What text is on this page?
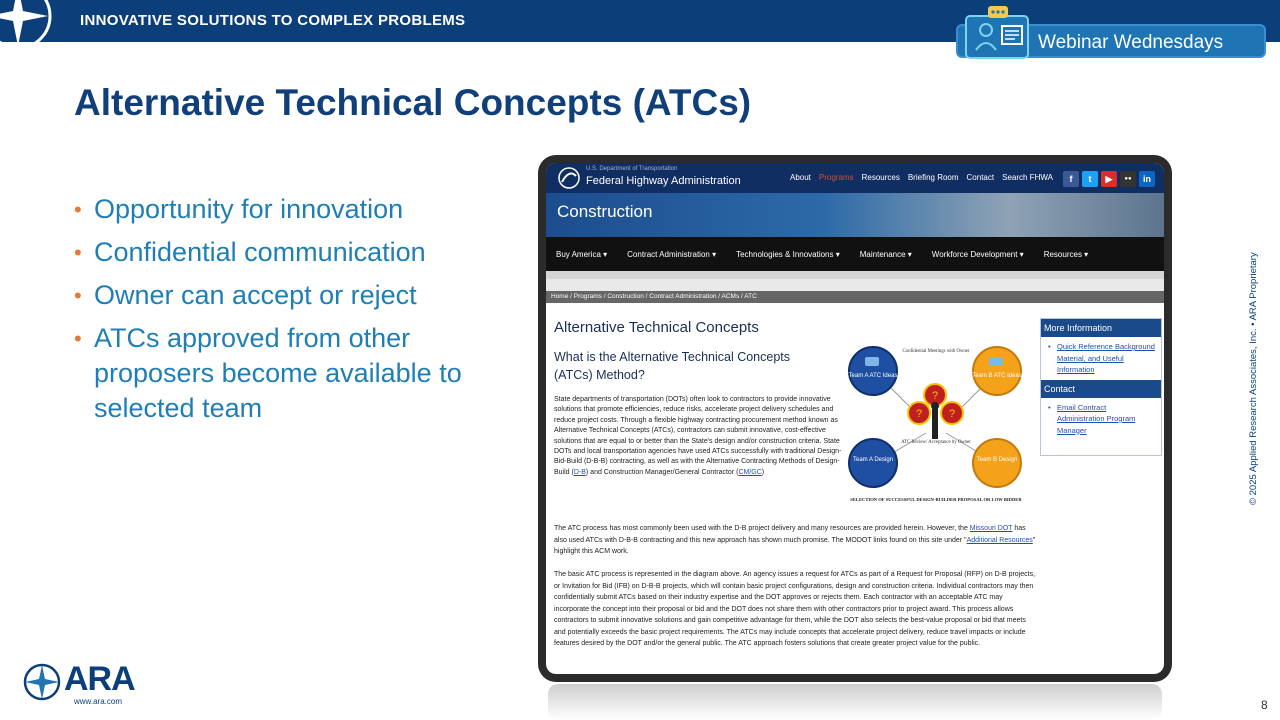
INNOVATIVE SOLUTIONS TO COMPLEX PROBLEMS
Webinar Wednesdays
Alternative Technical Concepts (ATCs)
• Opportunity for innovation
• Confidential communication
• Owner can accept or reject
• ATCs approved from other proposers become available to selected team
U.S. Department of Transportation
Federal Highway Administration	About Programs Resources Briefing Room Contact Search FHWA	f	t	▶	●●	in
Construction
Buy America ▾	Contract Administration ▾	Technologies & Innovations ▾	Maintenance ▾	Workforce Development ▾	Resources ▾
Home / Programs / Construction / Contract Administration / ACMs / ATC
Alternative Technical Concepts
What is the Alternative Technical Concepts (ATCs) Method?
State departments of transportation (DOTs) often look to contractors to provide innovative solutions that promote efficiencies, reduce risks, accelerate project delivery schedules and reduce project costs. Through a flexible highway contracting procurement method known as Alternative Technical Concepts (ATCs), contractors can submit innovative, cost-effective solutions that are equal to or better than the State's design and/or construction criteria. State DOTs and local transportation agencies have used ATCs successfully with traditional Design-Bid-Build (D-B-B) contracting, as well as with the Alternative Contracting Methods of Design-Build (D-B) and Construction Manager/General Contractor (CM/GC)
Team A ATC Ideas	Team B ATC Ideas
Team A Design	Team B Design
?
?
?
Confidential Meetings with Owner
ATC Review/ Acceptance by Owner
SELECTION OF SUCCESSFUL DESIGN-BUILDER PROPOSAL OR LOW BIDDER
More Information
• Quick Reference Background Material, and Useful Information
Contact
• Email Contract Administration Program Manager
The ATC process has most commonly been used with the D-B project delivery and many resources are provided herein. However, the Missouri DOT has also used ATCs with D-B-B contracting and this new approach has shown much promise. The MODOT links found on this site under "Additional Resources" highlight this ACM work.
The basic ATC process is represented in the diagram above. An agency issues a request for ATCs as part of a Request for Proposal (RFP) on D-B projects, or Invitation for Bid (IFB) on D-B-B projects, which will contain basic project configurations, design and construction criteria. Individual contractors may then confidentially submit ATCs based on their industry expertise and the DOT approves or rejects them. Each contractor with an acceptable ATC may incorporate the concept into their proposal or bid and the DOT does not share them with other contractors prior to project award. This process allows contractors to submit innovative solutions and gain competitive advantage for them, while the DOT also selects the best-value proposal or bid that meets and potentially exceeds the basic project requirements. The ATCs may include concepts that accelerate project delivery, reduce travel impacts or include features desired by the DOT and/or the general public. The ATC approach fosters solutions that create greater project value for the public.
ARA
www.ara.com
© 2025 Applied Research Associates, Inc. • ARA Proprietary
8
